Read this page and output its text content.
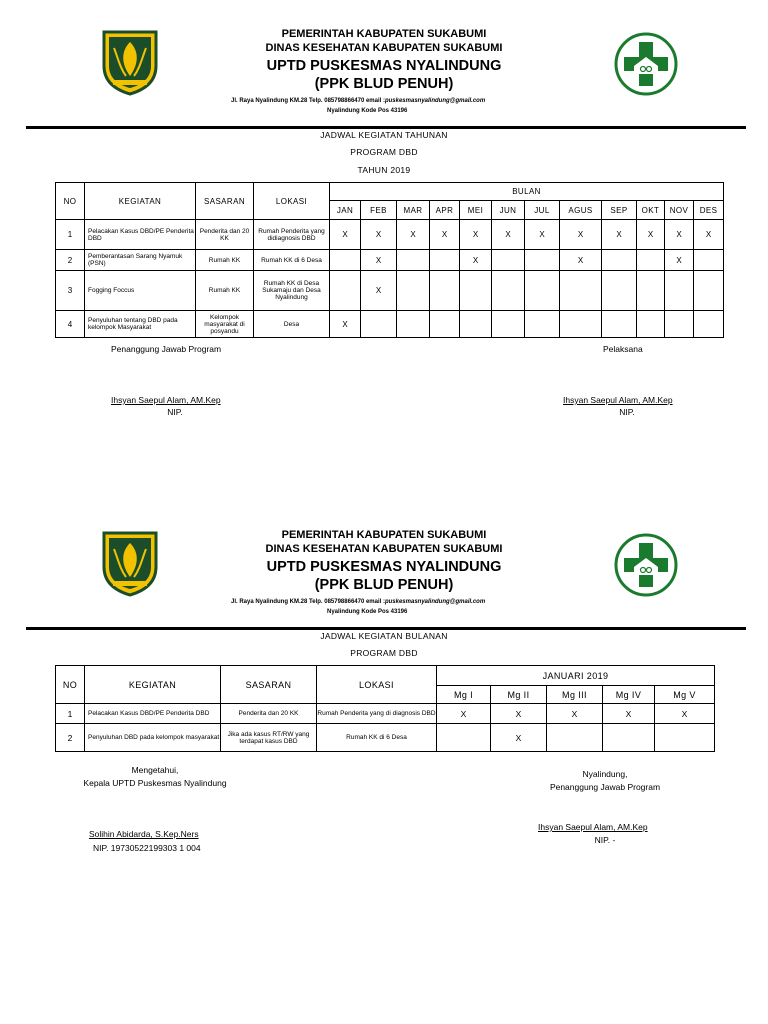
PEMERINTAH KABUPATEN SUKABUMI
DINAS KESEHATAN KABUPATEN SUKABUMI
UPTD PUSKESMAS NYALINDUNG
(PPK BLUD PENUH)
Jl. Raya Nyalindung KM.28 Telp. 085798866470 email :puskesmasnyalindung@gmail.com
Nyalindung Kode Pos 43196
JADWAL KEGIATAN TAHUNAN
PROGRAM DBD
TAHUN 2019
NO	KEGIATAN	SASARAN	LOKASI	BULAN											
				JAN	FEB	MAR	APR	MEI	JUN	JUL	AGUS	SEP	OKT	NOV	DES
1	Pelacakan Kasus DBD/PE Penderita DBD	Penderita dan 20 KK	Rumah Penderita yang didiagnosis DBD	X	X	X	X	X	X	X	X	X	X	X	X
2	Pemberantasan Sarang Nyamuk (PSN)	Rumah KK	Rumah KK di 6 Desa		X			X			X			X	
3	Fogging Foccus	Rumah KK	Rumah KK di Desa Sukamaju dan Desa Nyalindung		X										
4	Penyuluhan tentang DBD pada kelompok Masyarakat	Kelompok masyarakat di posyandu	Desa	X											
Penanggung Jawab Program	Pelaksana
Ihsyan Saepul Alam, AM.Kep
NIP.
Ihsyan Saepul Alam, AM.Kep
NIP.
PEMERINTAH KABUPATEN SUKABUMI
DINAS KESEHATAN KABUPATEN SUKABUMI
UPTD PUSKESMAS NYALINDUNG
(PPK BLUD PENUH)
Jl. Raya Nyalindung KM.28 Telp. 085798866470 email :puskesmasnyalindung@gmail.com
Nyalindung Kode Pos 43196
JADWAL KEGIATAN BULANAN
PROGRAM DBD
NO	KEGIATAN	SASARAN	LOKASI	JANUARI 2019				
				Mg I	Mg II	Mg III	Mg IV	Mg V
1	Pelacakan Kasus DBD/PE Penderita DBD	Penderita dan 20 KK	Rumah Penderita yang di diagnosis DBD	X	X	X	X	X
2	Penyuluhan DBD pada kelompok masyarakat	Jika ada kasus RT/RW yang terdapat kasus DBD	Rumah KK di 6 Desa		X			
Mengetahui,
Kepala UPTD Puskesmas Nyalindung
Nyalindung,
Penanggung Jawab Program
Solihin Abidarda, S.Kep.Ners
NIP. 19730522199303 1 004
Ihsyan Saepul Alam, AM.Kep
NIP. -
